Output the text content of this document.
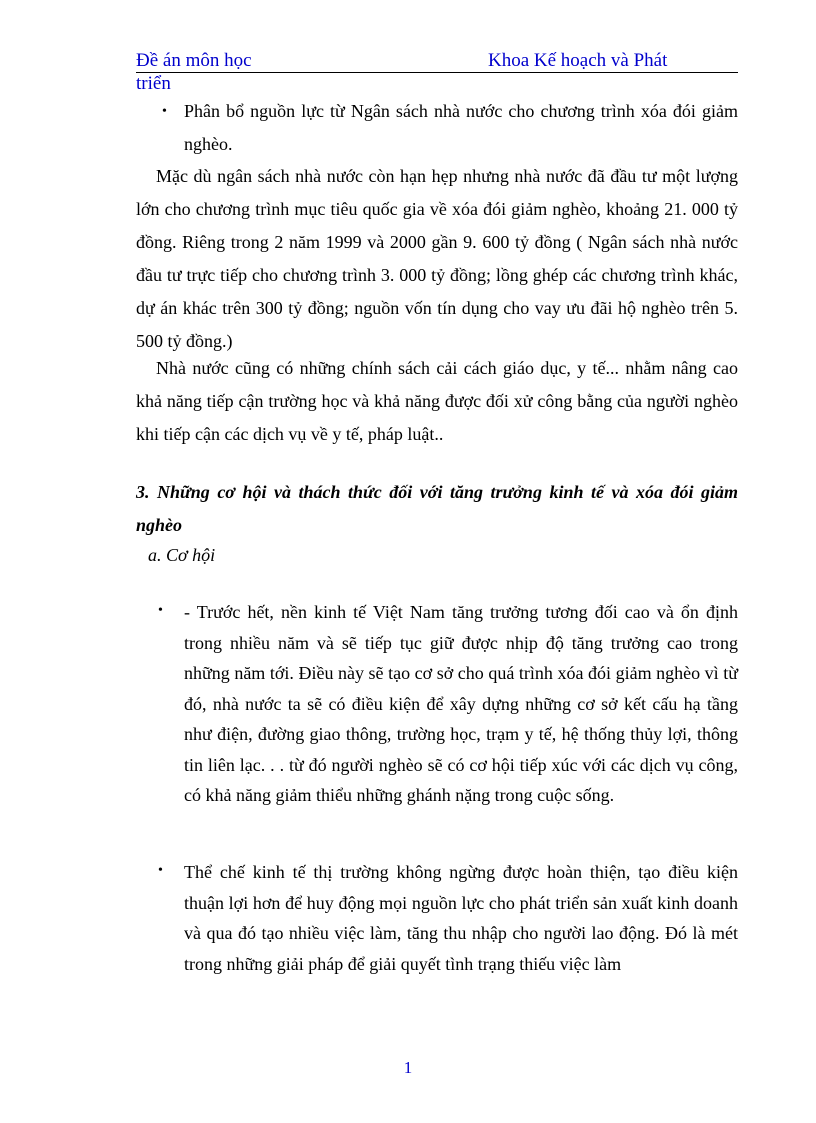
Đề án môn học	Khoa Kế hoạch và Phát
triển
• Phân bổ nguồn lực từ Ngân sách nhà nước cho chương trình xóa đói giảm nghèo.
Mặc dù ngân sách nhà nước còn hạn hẹp nhưng nhà nước đã đầu tư một lượng lớn cho chương trình mục tiêu quốc gia về xóa đói giảm nghèo, khoảng 21. 000 tỷ đồng. Riêng trong 2 năm 1999 và 2000 gần 9. 600 tỷ đồng ( Ngân sách nhà nước đầu tư trực tiếp cho chương trình 3. 000 tỷ đồng; lồng ghép các chương trình khác, dự án khác trên 300 tỷ đồng; nguồn vốn tín dụng cho vay ưu đãi hộ nghèo trên 5. 500 tỷ đồng.)
Nhà nước cũng có những chính sách cải cách giáo dục, y tế... nhằm nâng cao khả năng tiếp cận trường học và khả năng được đối xử công bằng của người nghèo khi tiếp cận các dịch vụ về y tế, pháp luật..
3. Những cơ hội và thách thức đối với tăng trưởng kinh tế và xóa đói giảm nghèo
a. Cơ hội
• - Trước hết, nền kinh tế Việt Nam tăng trưởng tương đối cao và ổn định trong nhiều năm và sẽ tiếp tục giữ được nhịp độ tăng trưởng cao trong những năm tới. Điều này sẽ tạo cơ sở cho quá trình xóa đói giảm nghèo vì từ đó, nhà nước ta sẽ có điều kiện để xây dựng những cơ sở kết cấu hạ tầng như điện, đường giao thông, trường học, trạm y tế, hệ thống thủy lợi, thông tin liên lạc. . . từ đó người nghèo sẽ có cơ hội tiếp xúc với các dịch vụ công, có khả năng giảm thiểu những ghánh nặng trong cuộc sống.
• Thể chế kinh tế thị trường không ngừng được hoàn thiện, tạo điều kiện thuận lợi hơn để huy động mọi nguồn lực cho phát triển sản xuất kinh doanh và qua đó tạo nhiều việc làm, tăng thu nhập cho người lao động. Đó là mét trong những giải pháp để giải quyết tình trạng thiếu việc làm
1
